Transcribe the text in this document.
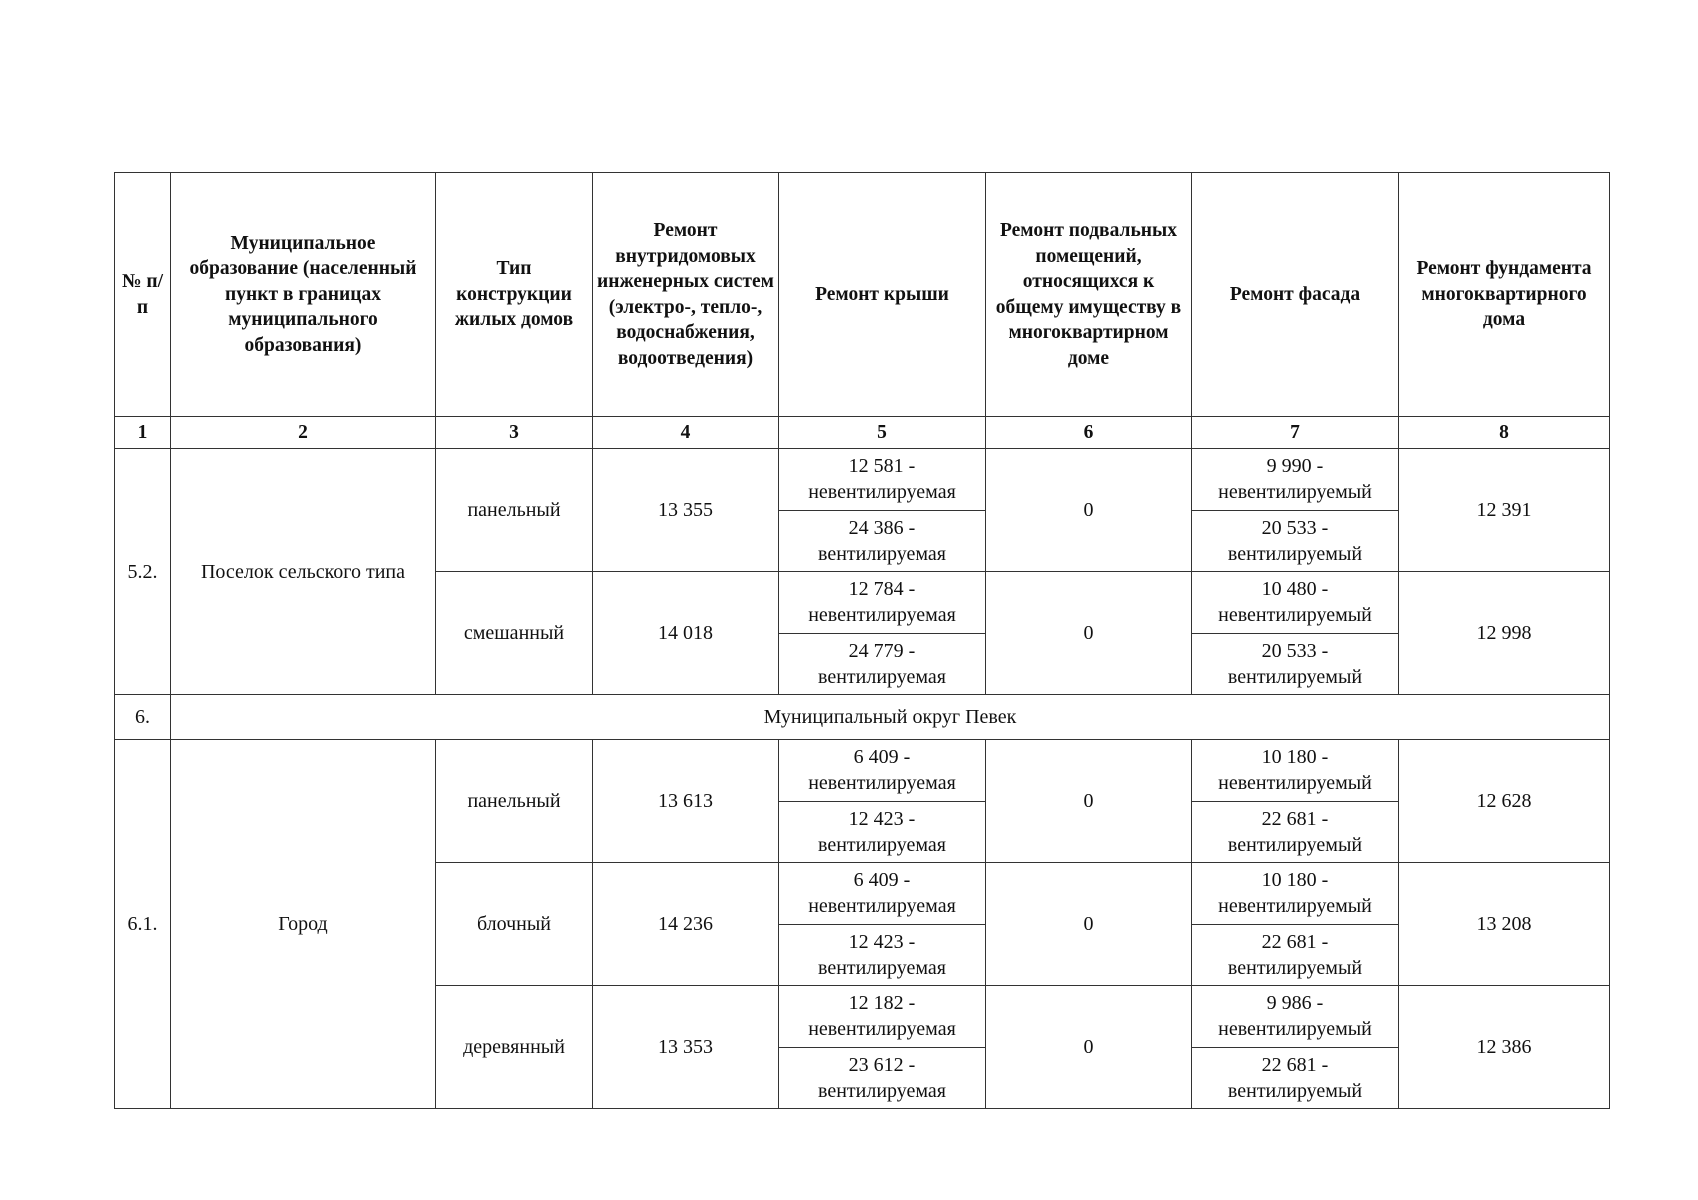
№ п/п	Муниципальное образование (населенный пункт в границах муниципального образования)	Тип конструкции жилых домов	Ремонт внутридомовых инженерных систем (электро-, тепло-, водоснабжения, водоотведения)	Ремонт крыши	Ремонт подвальных помещений, относящихся к общему имуществу в многоквартирном доме	Ремонт фасада	Ремонт фундамента многоквартирного дома
1	2	3	4	5	6	7	8
5.2.	Поселок сельского типа	панельный	13 355	12 581 - невентилируемая	0	9 990 - невентилируемый	12 391
				24 386 - вентилируемая		20 533 - вентилируемый	
		смешанный	14 018	12 784 - невентилируемая	0	10 480 - невентилируемый	12 998
				24 779 - вентилируемая		20 533 - вентилируемый	
6.	Муниципальный округ Певек						
6.1.	Город	панельный	13 613	6 409 - невентилируемая	0	10 180 - невентилируемый	12 628
				12 423 - вентилируемая		22 681 - вентилируемый	
		блочный	14 236	6 409 - невентилируемая	0	10 180 - невентилируемый	13 208
				12 423 - вентилируемая		22 681 - вентилируемый	
		деревянный	13 353	12 182 - невентилируемая	0	9 986 - невентилируемый	12 386
				23 612 - вентилируемая		22 681 - вентилируемый	
